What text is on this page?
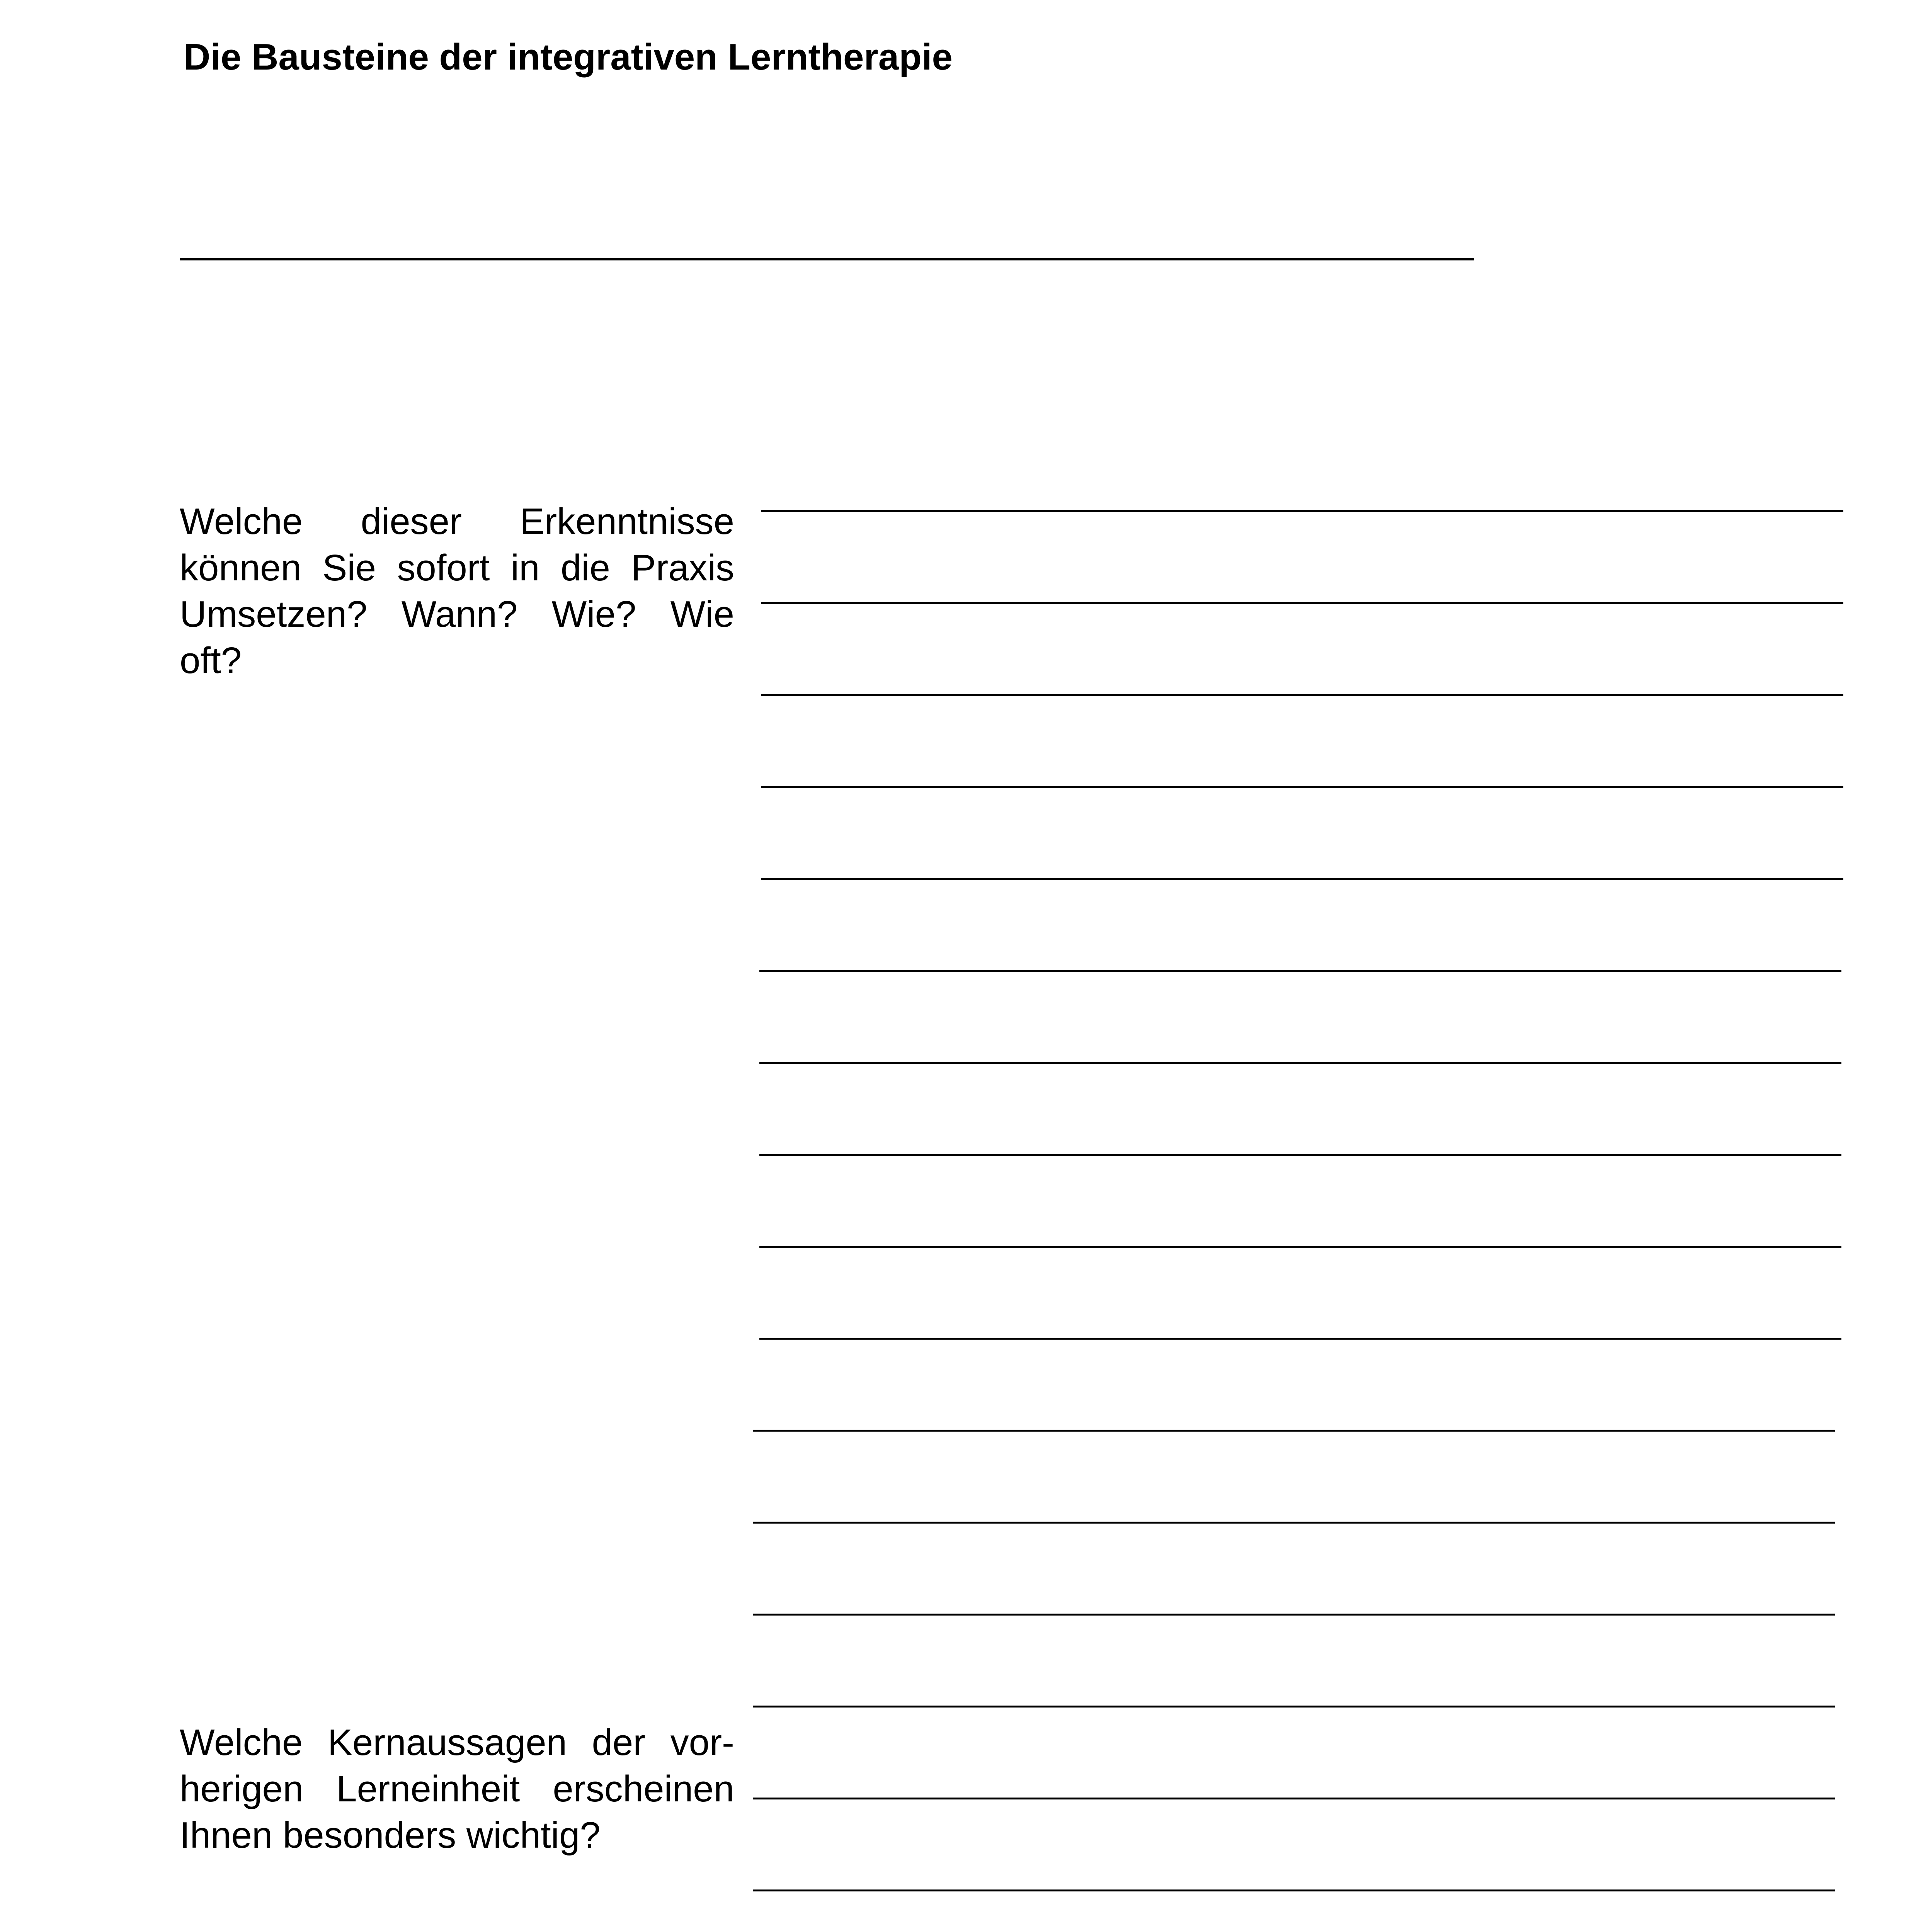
Die Bausteine der integrativen Lerntherapie
Welche dieser Erkenntnisse können Sie sofort in die Praxis Umsetzen? Wann? Wie? Wie oft?
Welche Kernaussagen der vor-herigen Lerneinheit erscheinen Ihnen besonders wichtig?
